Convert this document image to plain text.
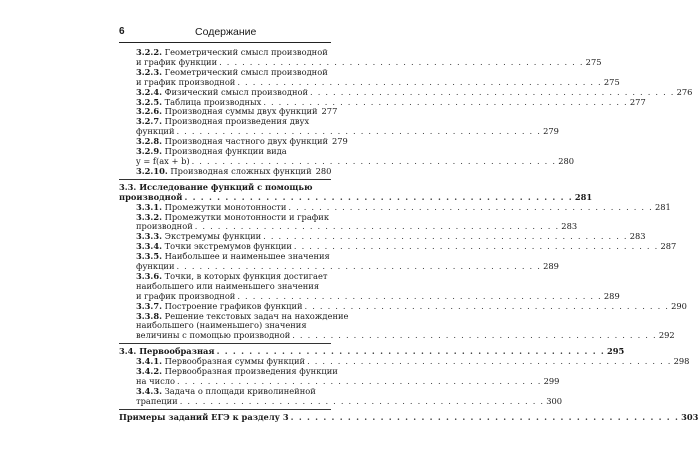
6	Содержание
3.2.2.
Геометрический смысл производной
и график функции . . . . . . . . . . . . . . . . . . . . . . . . . . . . . . . . . . . . . . . . . . . . . . . . 275
3.2.3.
Геометрический смысл производной
и график производной . . . . . . . . . . . . . . . . . . . . . . . . . . . . . . . . . . . . . . . . . . . . . . . . 275
3.2.4.
Физический смысл производной . . . . . . . . . . . . . . . . . . . . . . . . . . . . . . . . . . . . . . . . . . . . . . . . 276
3.2.5.
Таблица производных . . . . . . . . . . . . . . . . . . . . . . . . . . . . . . . . . . . . . . . . . . . . . . . . 277
3.2.6.
Производная суммы двух функций 277
3.2.7.
Производная произведения двух
функций . . . . . . . . . . . . . . . . . . . . . . . . . . . . . . . . . . . . . . . . . . . . . . . . 279
3.2.8.
Производная частного двух функций 279
3.2.9.
Производная функции вида
y = f(ax + b) . . . . . . . . . . . . . . . . . . . . . . . . . . . . . . . . . . . . . . . . . . . . . . . . 280
3.2.10.
Производная сложных функций 280
3.3.
Исследование функций с помощью
производной . . . . . . . . . . . . . . . . . . . . . . . . . . . . . . . . . . . . . . . . . . . . . . . . 281
3.3.1.
Промежутки монотонности . . . . . . . . . . . . . . . . . . . . . . . . . . . . . . . . . . . . . . . . . . . . . . . . 281
3.3.2.
Промежутки монотонности и график
производной . . . . . . . . . . . . . . . . . . . . . . . . . . . . . . . . . . . . . . . . . . . . . . . . 283
3.3.3.
Экстремумы функции . . . . . . . . . . . . . . . . . . . . . . . . . . . . . . . . . . . . . . . . . . . . . . . . 283
3.3.4.
Точки экстремумов функции . . . . . . . . . . . . . . . . . . . . . . . . . . . . . . . . . . . . . . . . . . . . . . . . 287
3.3.5.
Наибольшее и наименьшее значения
функции . . . . . . . . . . . . . . . . . . . . . . . . . . . . . . . . . . . . . . . . . . . . . . . . 289
3.3.6.
Точки, в которых функция достигает
наибольшего или наименьшего значения
и график производной . . . . . . . . . . . . . . . . . . . . . . . . . . . . . . . . . . . . . . . . . . . . . . . . 289
3.3.7.
Построение графиков функций . . . . . . . . . . . . . . . . . . . . . . . . . . . . . . . . . . . . . . . . . . . . . . . . 290
3.3.8.
Решение текстовых задач на нахождение
наибольшего (наименьшего) значения
величины с помощью производной . . . . . . . . . . . . . . . . . . . . . . . . . . . . . . . . . . . . . . . . . . . . . . . . 292
3.4.
Первообразная . . . . . . . . . . . . . . . . . . . . . . . . . . . . . . . . . . . . . . . . . . . . . . . . 295
3.4.1.
Первообразная суммы функций . . . . . . . . . . . . . . . . . . . . . . . . . . . . . . . . . . . . . . . . . . . . . . . . 298
3.4.2.
Первообразная произведения функции
на число . . . . . . . . . . . . . . . . . . . . . . . . . . . . . . . . . . . . . . . . . . . . . . . . 299
3.4.3.
Задача о площади криволинейной
трапеции . . . . . . . . . . . . . . . . . . . . . . . . . . . . . . . . . . . . . . . . . . . . . . . . 300
Примеры заданий ЕГЭ к разделу 3 . . . . . . . . . . . . . . . . . . . . . . . . . . . . . . . . . . . . . . . . . . . . . . . . 303
